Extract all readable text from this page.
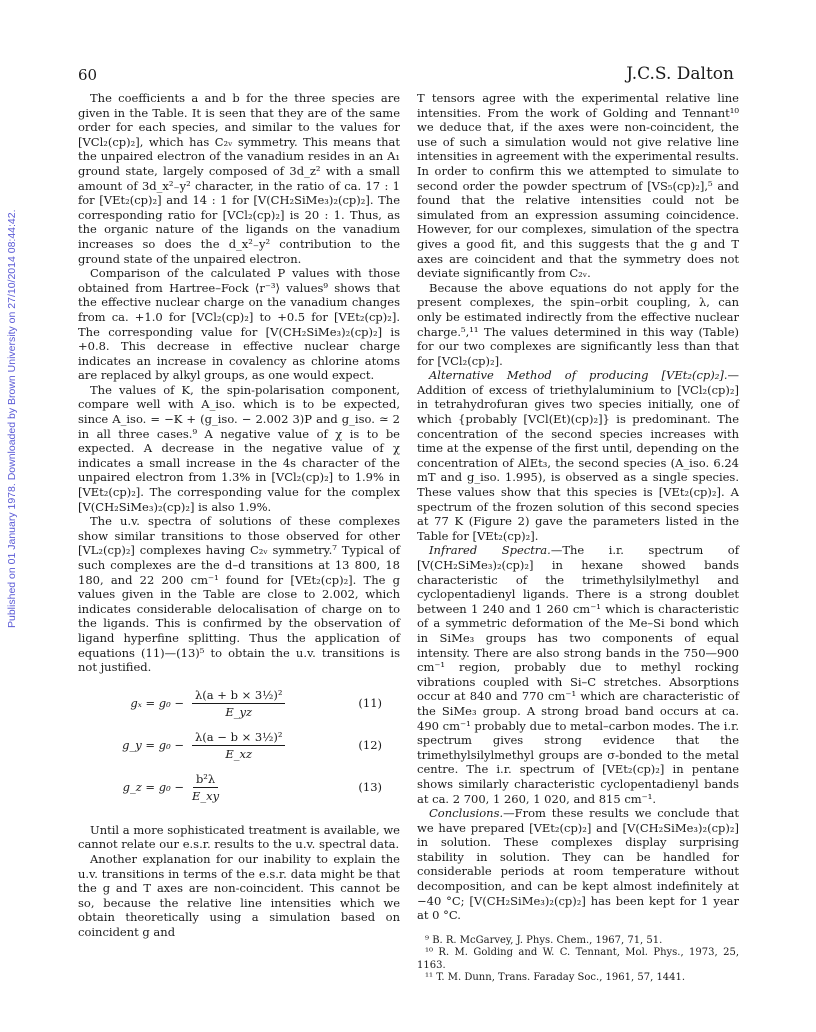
60	J.C.S. Dalton
Published on 01 January 1978. Downloaded by Brown University on 27/10/2014 08:44:42.

The coefficients a and b for the three species are given in the Table. It is seen that they are of the same order for each species, and similar to the values for [VCl₂(cp)₂], which has C₂ᵥ symmetry. This means that the unpaired electron of the vanadium resides in an A₁ ground state, largely composed of 3d_z² with a small amount of 3d_x²₋y² character, in the ratio of ca. 17 : 1 for [VEt₂(cp)₂] and 14 : 1 for [V(CH₂SiMe₃)₂(cp)₂]. The corresponding ratio for [VCl₂(cp)₂] is 20 : 1. Thus, as the organic nature of the ligands on the vanadium increases so does the d_x²₋y² contribution to the ground state of the unpaired electron.

Comparison of the calculated P values with those obtained from Hartree–Fock ⟨r⁻³⟩ values⁹ shows that the effective nuclear charge on the vanadium changes from ca. +1.0 for [VCl₂(cp)₂] to +0.5 for [VEt₂(cp)₂]. The corresponding value for [V(CH₂SiMe₃)₂(cp)₂] is +0.8. This decrease in effective nuclear charge indicates an increase in covalency as chlorine atoms are replaced by alkyl groups, as one would expect.

The values of K, the spin-polarisation component, compare well with A_iso. which is to be expected, since A_iso. = −K + (g_iso. − 2.002 3)P and g_iso. ≃ 2 in all three cases.⁹ A negative value of χ is to be expected. A decrease in the negative value of χ indicates a small increase in the 4s character of the unpaired electron from 1.3% in [VCl₂(cp)₂] to 1.9% in [VEt₂(cp)₂]. The corresponding value for the complex [V(CH₂SiMe₃)₂(cp)₂] is also 1.9%.

The u.v. spectra of solutions of these complexes show similar transitions to those observed for other [VL₂(cp)₂] complexes having C₂ᵥ symmetry.⁷ Typical of such complexes are the d–d transitions at 13 800, 18 180, and 22 200 cm⁻¹ found for [VEt₂(cp)₂]. The g values given in the Table are close to 2.002, which indicates considerable delocalisation of charge on to the ligands. This is confirmed by the observation of ligand hyperfine splitting. Thus the application of equations (11)—(13)⁵ to obtain the u.v. transitions is not justified.

$g_x = g_0 - \frac{\text{λ(a + b × 3½)²}}{E\_yz}$	(11)
g_y = $g_0 - \frac{\text{λ(a − b × 3½)²}}{E\_xz}$	(12)
g_z = $g_0 - \frac{\text{b²λ}}{E\_xy}$	(13)

Until a more sophisticated treatment is available, we cannot relate our e.s.r. results to the u.v. spectral data.

Another explanation for our inability to explain the u.v. transitions in terms of the e.s.r. data might be that the g and T axes are non-coincident. This cannot be so, because the relative line intensities which we obtain theoretically using a simulation based on coincident g and

T tensors agree with the experimental relative line intensities. From the work of Golding and Tennant¹⁰ we deduce that, if the axes were non-coincident, the use of such a simulation would not give relative line intensities in agreement with the experimental results. In order to confirm this we attempted to simulate to second order the powder spectrum of [VS₅(cp)₂],⁵ and found that the relative intensities could not be simulated from an expression assuming coincidence. However, for our complexes, simulation of the spectra gives a good fit, and this suggests that the g and T axes are coincident and that the symmetry does not deviate significantly from C₂ᵥ.

Because the above equations do not apply for the present complexes, the spin–orbit coupling, λ, can only be estimated indirectly from the effective nuclear charge.⁵,¹¹ The values determined in this way (Table) for our two complexes are significantly less than that for [VCl₂(cp)₂].

Alternative Method of producing [VEt₂(cp)₂].—Addition of excess of triethylaluminium to [VCl₂(cp)₂] in tetrahydrofuran gives two species initially, one of which {probably [VCl(Et)(cp)₂]} is predominant. The concentration of the second species increases with time at the expense of the first until, depending on the concentration of AlEt₃, the second species (A_iso. 6.24 mT and g_iso. 1.995), is observed as a single species. These values show that this species is [VEt₂(cp)₂]. A spectrum of the frozen solution of this second species at 77 K (Figure 2) gave the parameters listed in the Table for [VEt₂(cp)₂].

Infrared Spectra.—The i.r. spectrum of [V(CH₂SiMe₃)₂(cp)₂] in hexane showed bands characteristic of the trimethylsilylmethyl and cyclopentadienyl ligands. There is a strong doublet between 1 240 and 1 260 cm⁻¹ which is characteristic of a symmetric deformation of the Me–Si bond which in SiMe₃ groups has two components of equal intensity. There are also strong bands in the 750—900 cm⁻¹ region, probably due to methyl rocking vibrations coupled with Si–C stretches. Absorptions occur at 840 and 770 cm⁻¹ which are characteristic of the SiMe₃ group. A strong broad band occurs at ca. 490 cm⁻¹ probably due to metal–carbon modes. The i.r. spectrum gives strong evidence that the trimethylsilylmethyl groups are σ-bonded to the metal centre. The i.r. spectrum of [VEt₂(cp)₂] in pentane shows similarly characteristic cyclopentadienyl bands at ca. 2 700, 1 260, 1 020, and 815 cm⁻¹.

Conclusions.—From these results we conclude that we have prepared [VEt₂(cp)₂] and [V(CH₂SiMe₃)₂(cp)₂] in solution. These complexes display surprising stability in solution. They can be handled for considerable periods at room temperature without decomposition, and can be kept almost indefinitely at −40 °C; [V(CH₂SiMe₃)₂(cp)₂] has been kept for 1 year at 0 °C.

⁹ B. R. McGarvey, J. Phys. Chem., 1967, 71, 51.
¹⁰ R. M. Golding and W. C. Tennant, Mol. Phys., 1973, 25, 1163.
¹¹ T. M. Dunn, Trans. Faraday Soc., 1961, 57, 1441.
